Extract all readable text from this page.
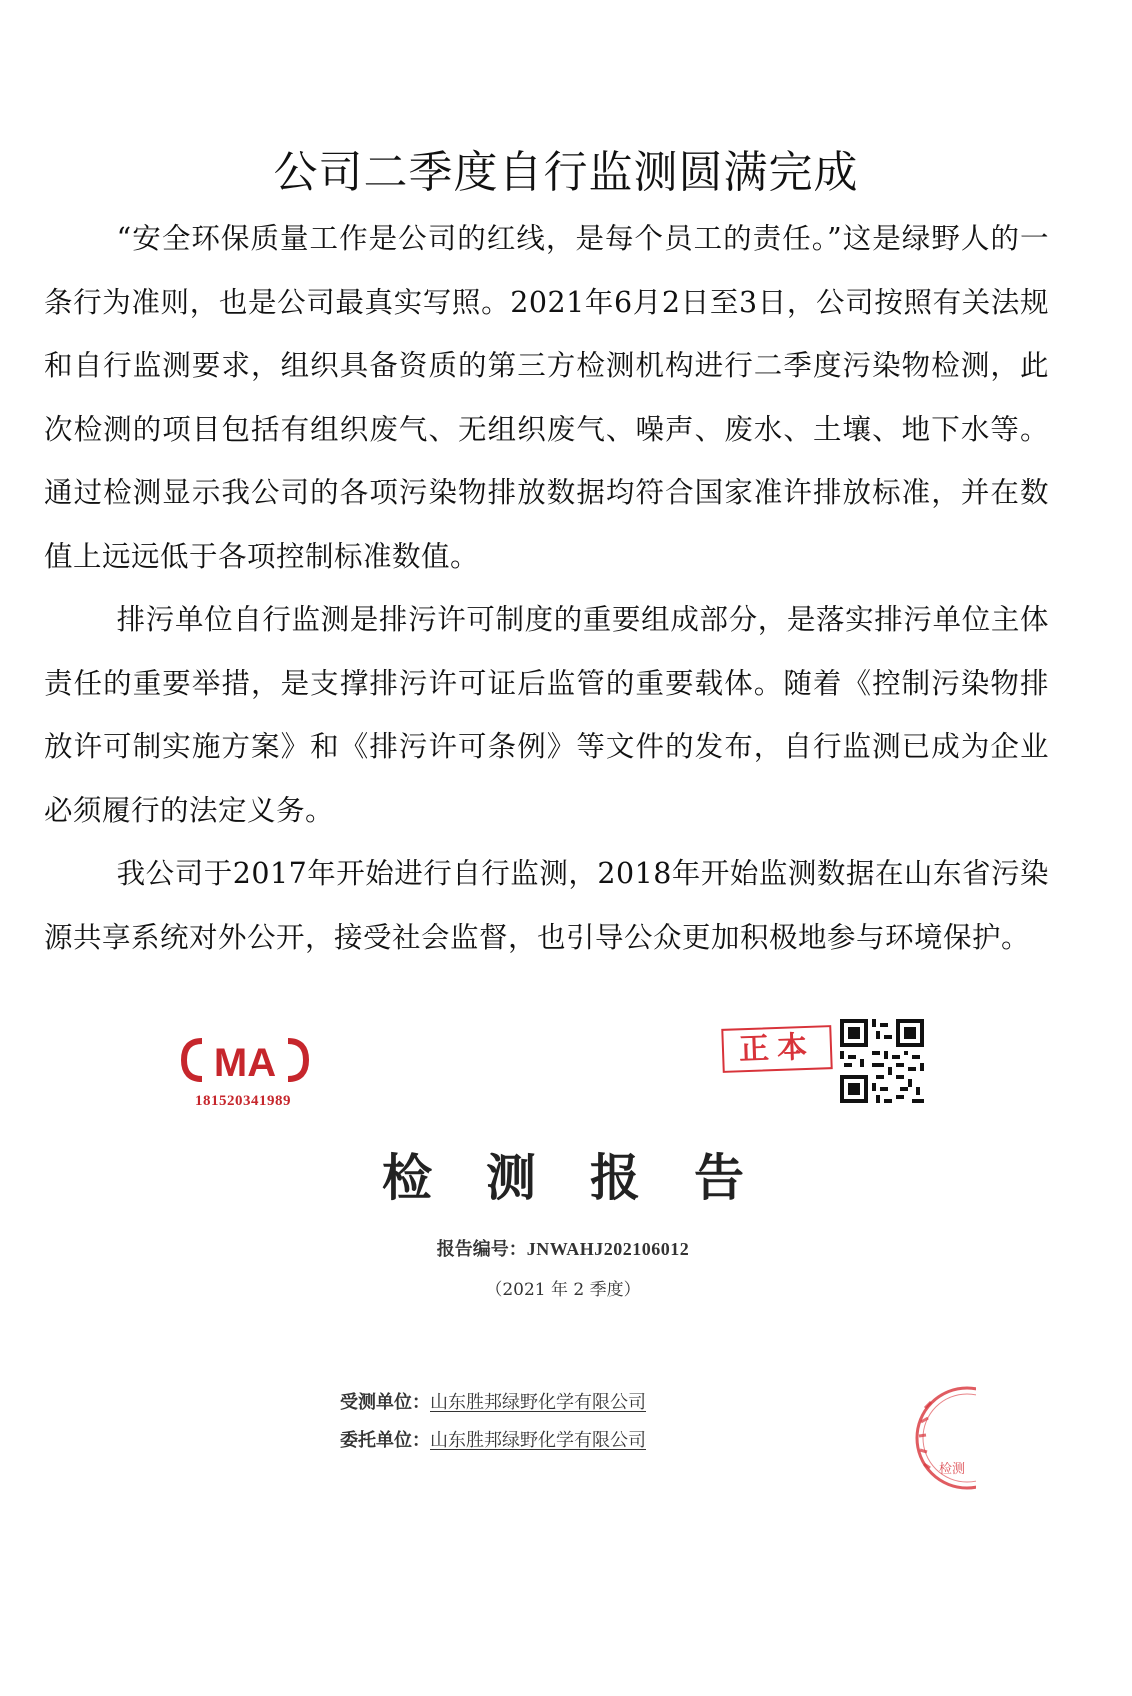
公司二季度自行监测圆满完成

“安全环保质量工作是公司的红线，是每个员工的责任。”这是绿野人的一条行为准则，也是公司最真实写照。2021年6月2日至3日，公司按照有关法规和自行监测要求，组织具备资质的第三方检测机构进行二季度污染物检测，此次检测的项目包括有组织废气、无组织废气、噪声、废水、土壤、地下水等。通过检测显示我公司的各项污染物排放数据均符合国家准许排放标准，并在数值上远远低于各项控制标准数值。

排污单位自行监测是排污许可制度的重要组成部分，是落实排污单位主体责任的重要举措，是支撑排污许可证后监管的重要载体。随着《控制污染物排放许可制实施方案》和《排污许可条例》等文件的发布，自行监测已成为企业必须履行的法定义务。

我公司于2017年开始进行自行监测，2018年开始监测数据在山东省污染源共享系统对外公开，接受社会监督，也引导公众更加积极地参与环境保护。

MA
181520341989
正本
检 测 报 告
报告编号：JNWAHJ202106012
（2021 年 2 季度）
受测单位：山东胜邦绿野化学有限公司
委托单位：山东胜邦绿野化学有限公司
检测
